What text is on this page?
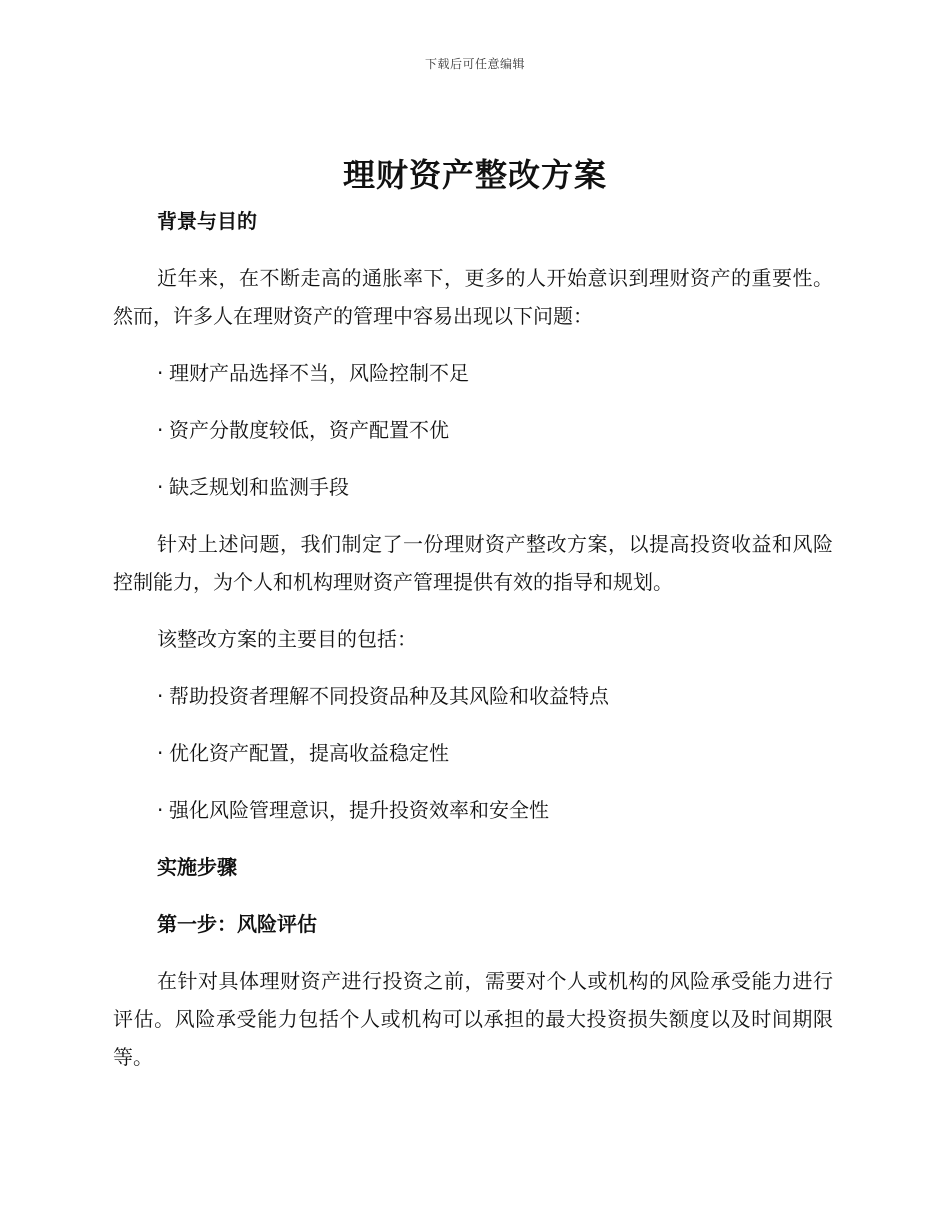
下载后可任意编辑
理财资产整改方案
背景与目的

近年来，在不断走高的通胀率下，更多的人开始意识到理财资产的重要性。然而，许多人在理财资产的管理中容易出现以下问题：

· 理财产品选择不当，风险控制不足
· 资产分散度较低，资产配置不优
· 缺乏规划和监测手段

针对上述问题，我们制定了一份理财资产整改方案，以提高投资收益和风险控制能力，为个人和机构理财资产管理提供有效的指导和规划。

该整改方案的主要目的包括：

· 帮助投资者理解不同投资品种及其风险和收益特点
· 优化资产配置，提高收益稳定性
· 强化风险管理意识，提升投资效率和安全性
实施步骤
第一步：风险评估

在针对具体理财资产进行投资之前，需要对个人或机构的风险承受能力进行评估。风险承受能力包括个人或机构可以承担的最大投资损失额度以及时间期限等。
